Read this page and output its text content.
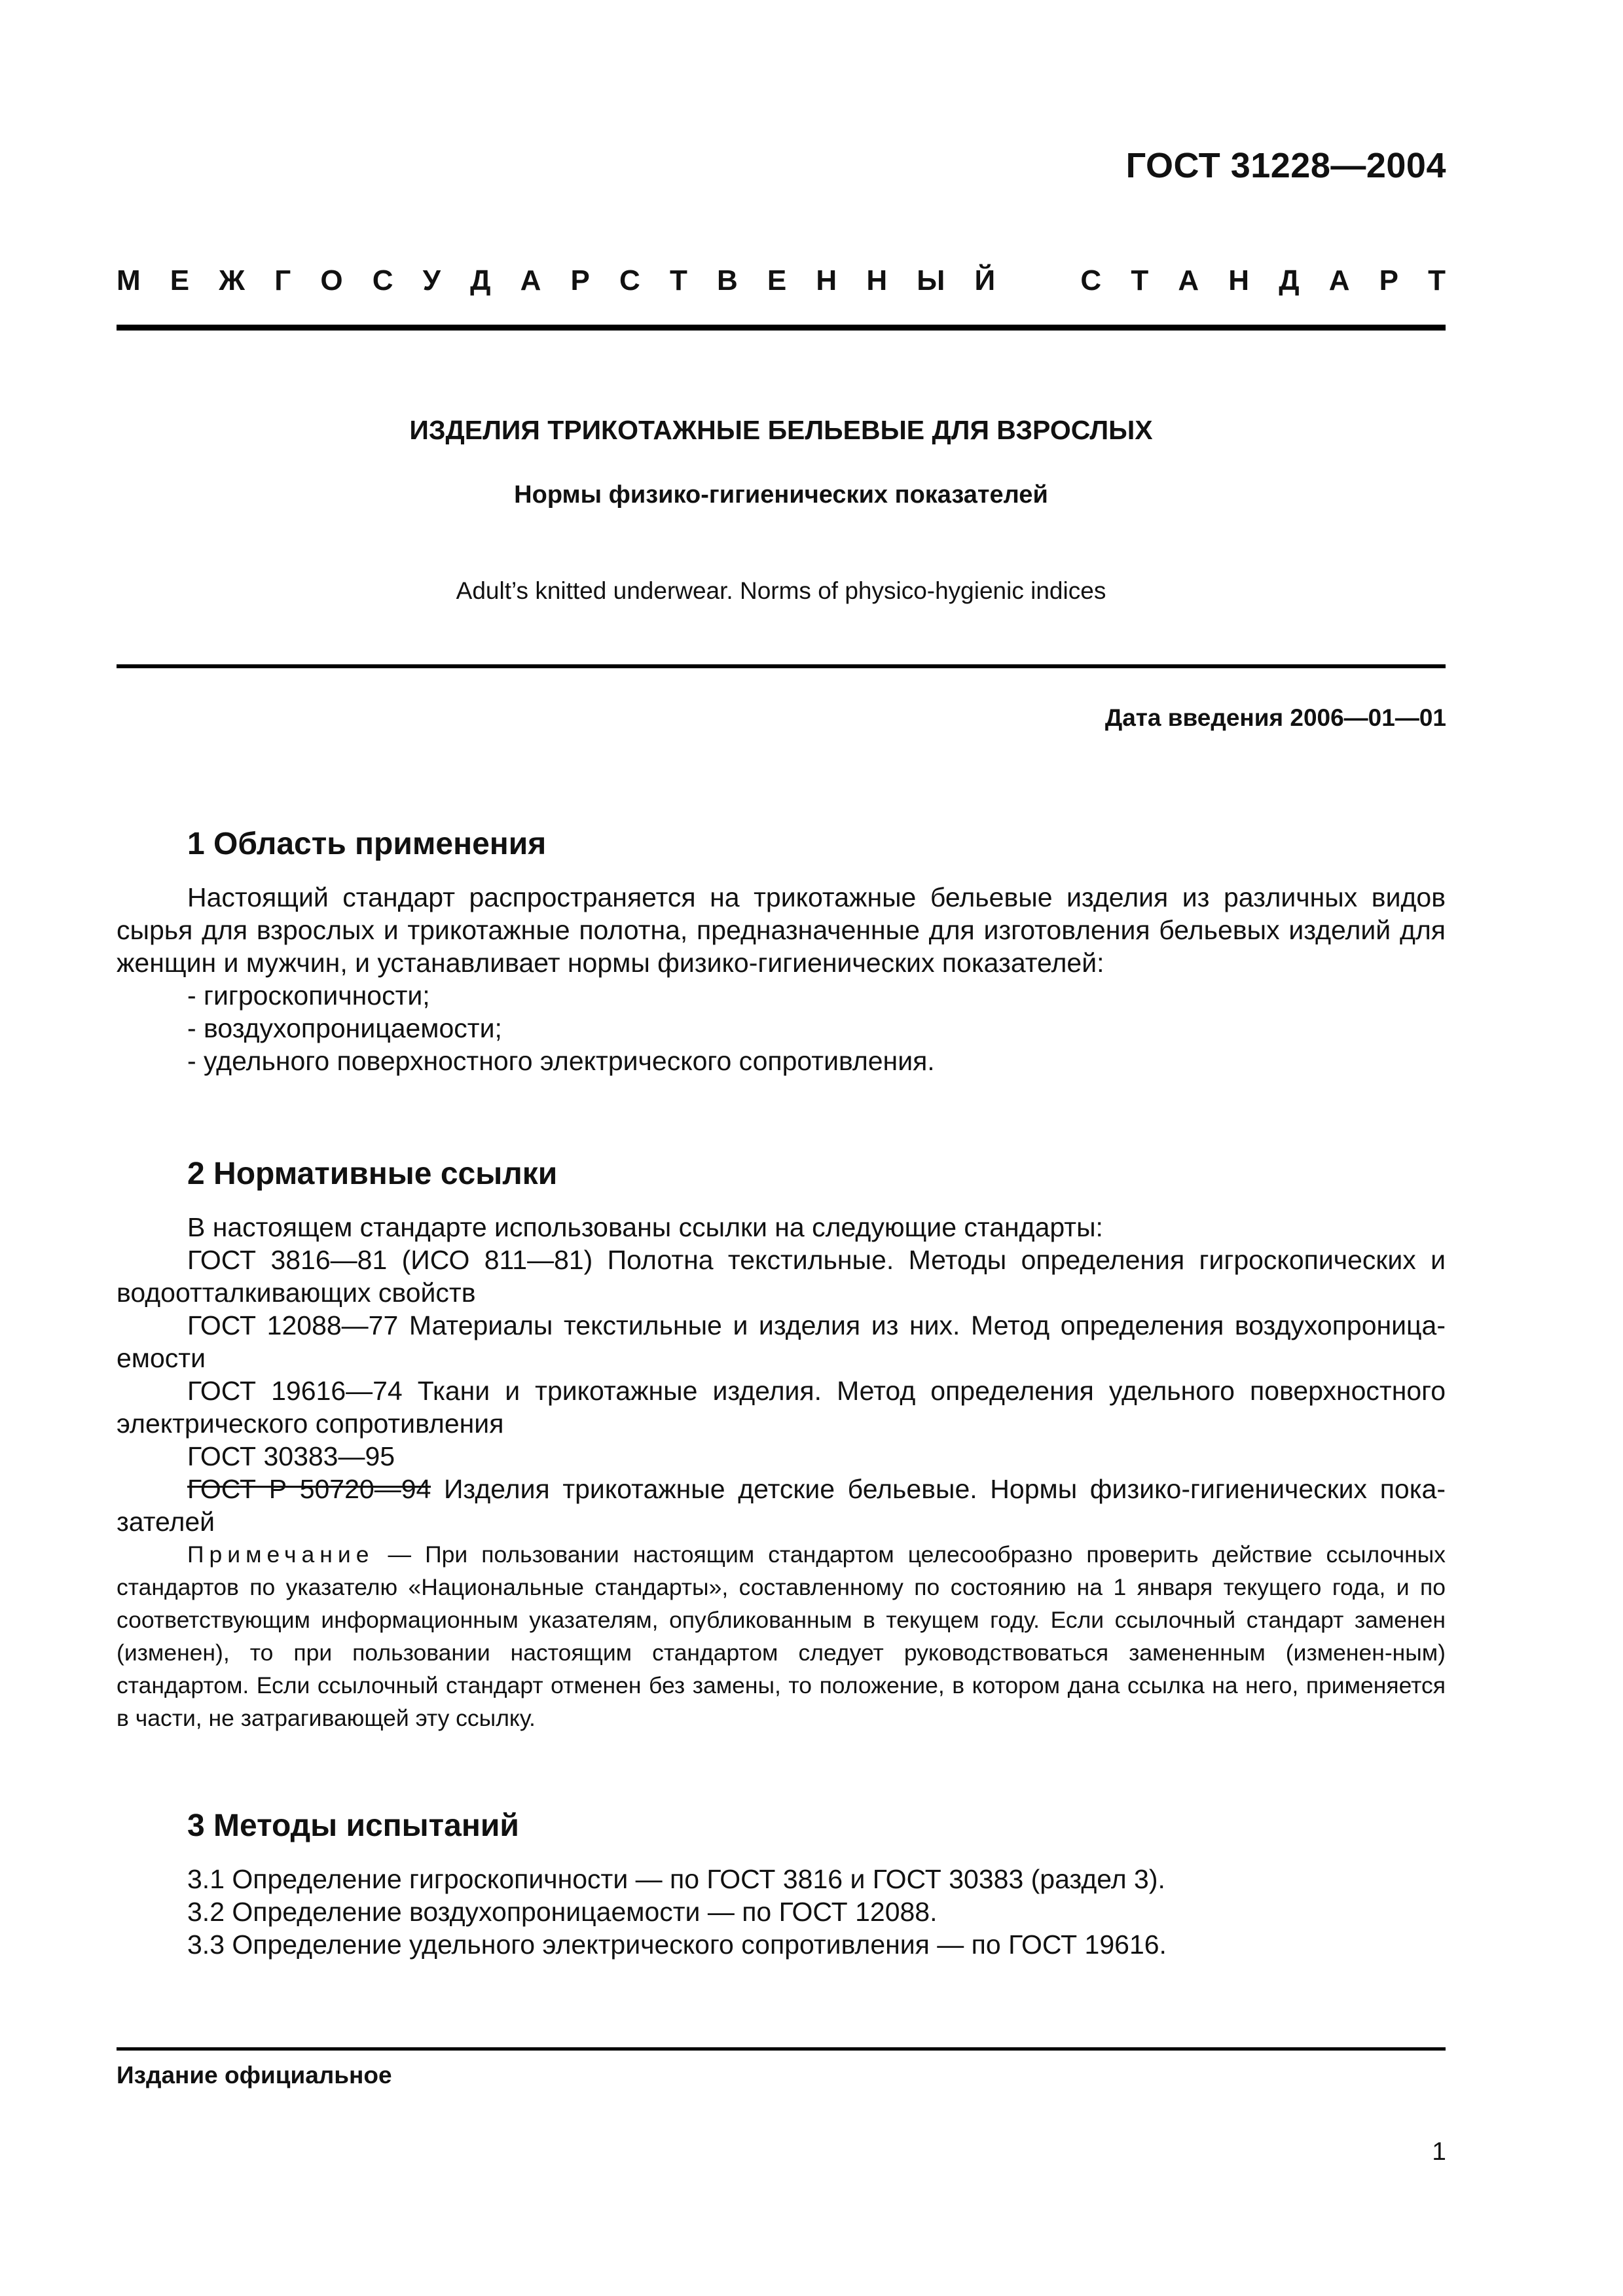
ГОСТ 31228—2004
М Е Ж Г О С У Д А Р С Т В Е Н Н Ы Й	С Т А Н Д А Р Т
ИЗДЕЛИЯ ТРИКОТАЖНЫЕ БЕЛЬЕВЫЕ ДЛЯ ВЗРОСЛЫХ
Нормы физико-гигиенических показателей
Adult’s knitted underwear. Norms of physico-hygienic indices
Дата введения 2006—01—01
1 Область применения
Настоящий стандарт распространяется на трикотажные бельевые изделия из различных видов сырья для взрослых и трикотажные полотна, предназначенные для изготовления бельевых изделий для женщин и мужчин, и устанавливает нормы физико-гигиенических показателей:
- гигроскопичности;
- воздухопроницаемости;
- удельного поверхностного электрического сопротивления.
2 Нормативные ссылки
В настоящем стандарте использованы ссылки на следующие стандарты:
ГОСТ 3816—81 (ИСО 811—81) Полотна текстильные. Методы определения гигроскопических и водоотталкивающих свойств
ГОСТ 12088—77 Материалы текстильные и изделия из них. Метод определения воздухопроница-емости
ГОСТ 19616—74 Ткани и трикотажные изделия. Метод определения удельного поверхностного электрического сопротивления
ГОСТ 30383—95
ГОСТ Р 50720—94 Изделия трикотажные детские бельевые. Нормы физико-гигиенических пока-зателей
Примечание — При пользовании настоящим стандартом целесообразно проверить действие ссылочных стандартов по указателю «Национальные стандарты», составленному по состоянию на 1 января текущего года, и по соответствующим информационным указателям, опубликованным в текущем году. Если ссылочный стандарт заменен (изменен), то при пользовании настоящим стандартом следует руководствоваться замененным (изменен-ным) стандартом. Если ссылочный стандарт отменен без замены, то положение, в котором дана ссылка на него, применяется в части, не затрагивающей эту ссылку.
3 Методы испытаний
3.1 Определение гигроскопичности — по ГОСТ 3816 и ГОСТ 30383 (раздел 3).
3.2 Определение воздухопроницаемости — по ГОСТ 12088.
3.3 Определение удельного электрического сопротивления — по ГОСТ 19616.
Издание официальное
1
